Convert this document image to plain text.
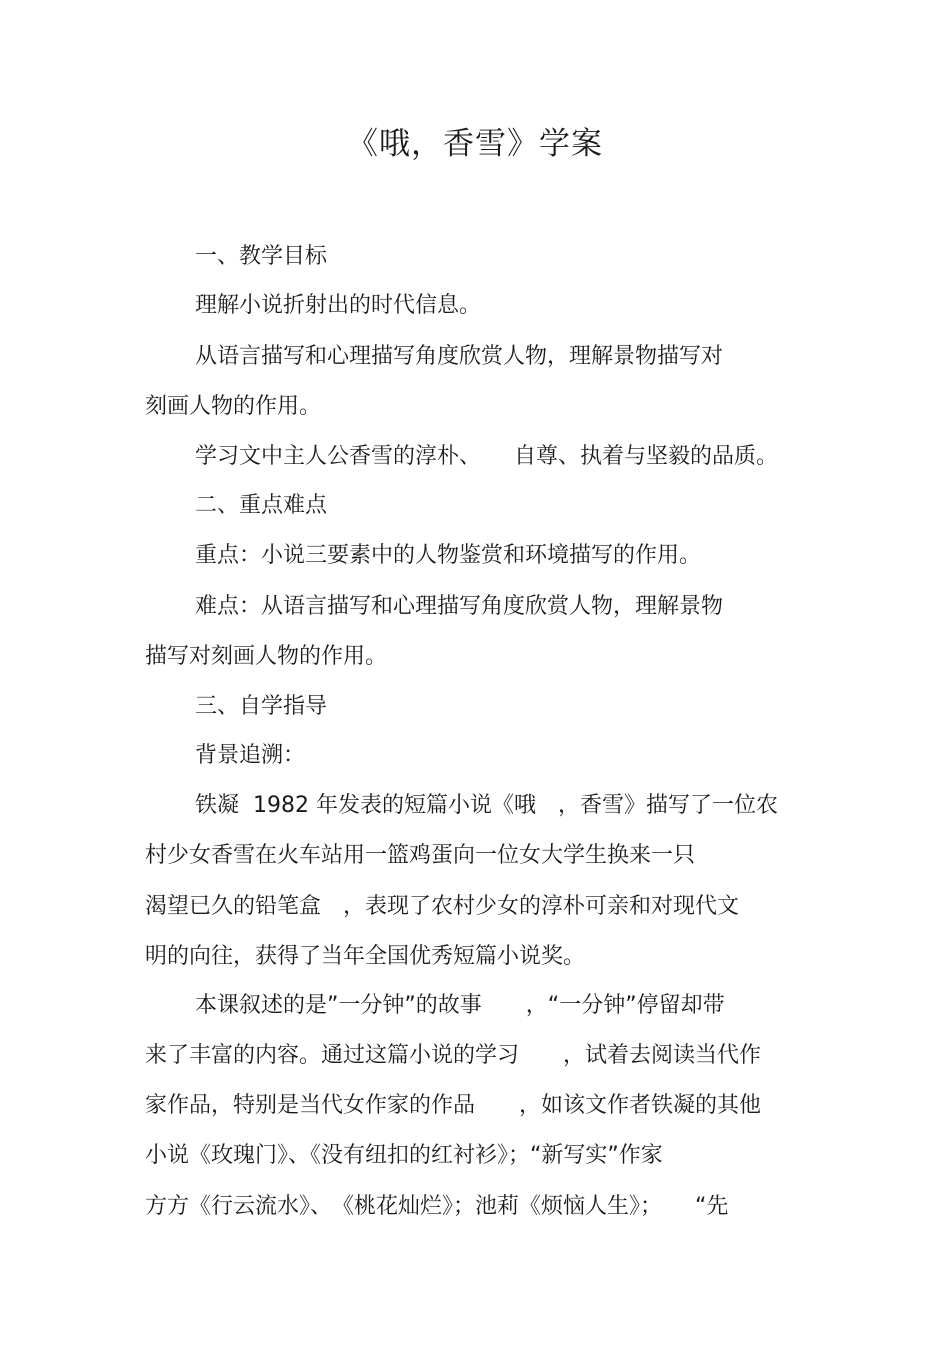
《哦，香雪》学案
一、教学目标
理解小说折射出的时代信息。
从语言描写和心理描写角度欣赏人物，理解景物描写对
刻画人物的作用。
学习文中主人公香雪的淳朴、　　自尊、执着与坚毅的品质。
二、重点难点
重点：小说三要素中的人物鉴赏和环境描写的作用。
难点：从语言描写和心理描写角度欣赏人物，理解景物
描写对刻画人物的作用。
三、自学指导
背景追溯：
铁凝  1982 年发表的短篇小说《哦　，香雪》描写了一位农
村少女香雪在火车站用一篮鸡蛋向一位女大学生换来一只
渴望已久的铅笔盒　，表现了农村少女的淳朴可亲和对现代文
明的向往，获得了当年全国优秀短篇小说奖。
本课叙述的是”一分钟”的故事　　，“一分钟”停留却带
来了丰富的内容。通过这篇小说的学习　　，试着去阅读当代作
家作品，特别是当代女作家的作品　　，如该文作者铁凝的其他
小说《玫瑰门》、《没有纽扣的红衬衫》；“新写实”作家
方方《行云流水》、　《桃花灿烂》；池莉《烦恼人生》；　　“先
